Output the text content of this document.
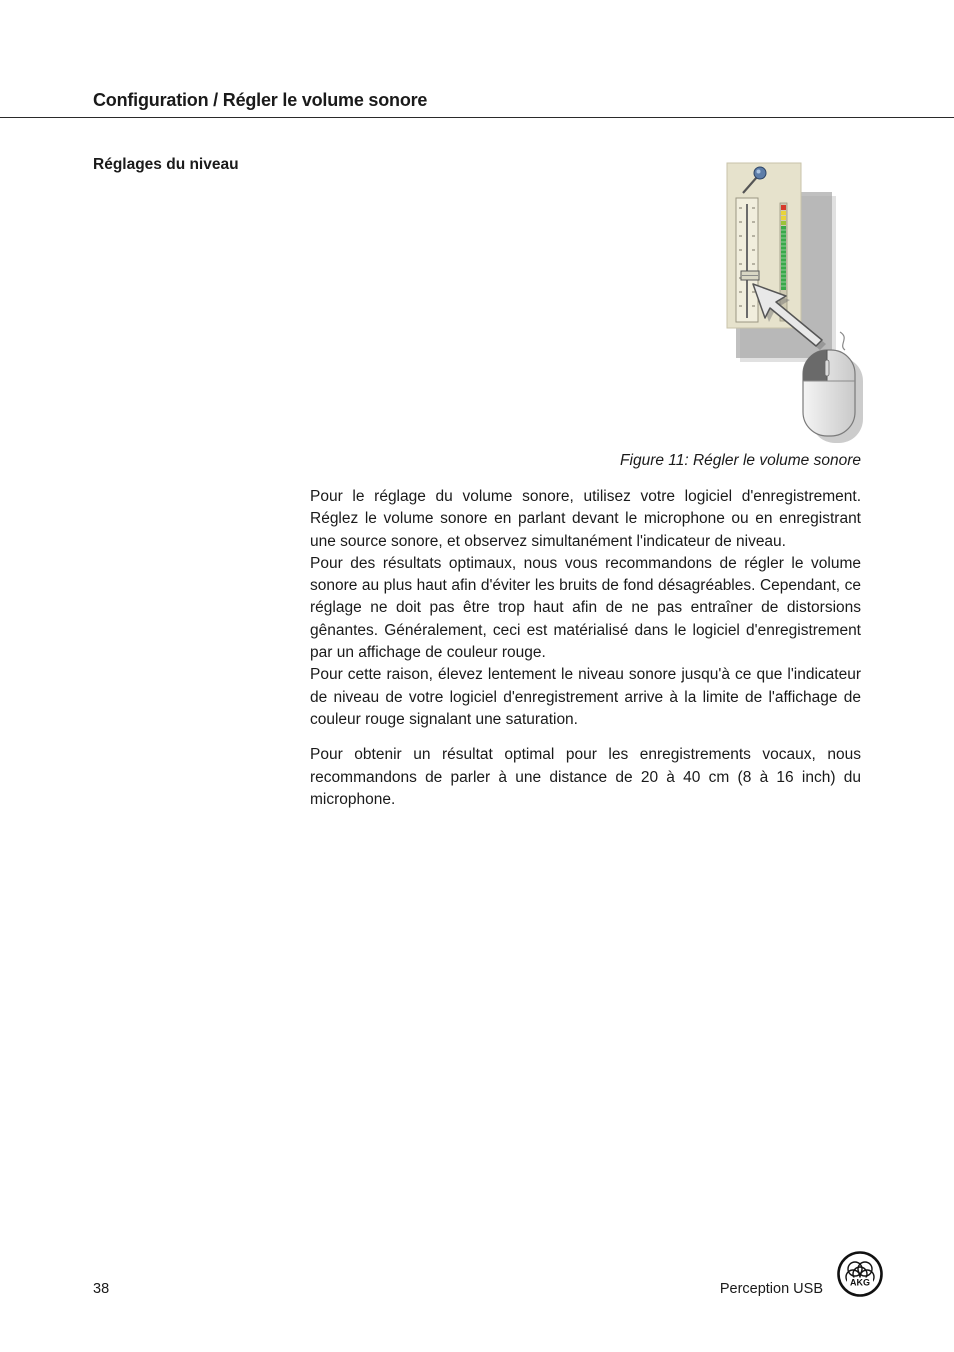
Configuration / Régler le volume sonore
Réglages du niveau

Figure 11: Régler le volume sonore

Pour le réglage du volume sonore, utilisez votre logiciel d'enregistrement. Réglez le volume sonore en parlant devant le microphone ou en enregistrant une source sonore, et observez simultanément l'indicateur de niveau.

Pour des résultats optimaux, nous vous recommandons de régler le volume sonore au plus haut afin d'éviter les bruits de fond désagréables. Cependant, ce réglage ne doit pas être trop haut afin de ne pas entraîner de distorsions gênantes. Généralement, ceci est matérialisé dans le logiciel d'enregistrement par un affichage de couleur rouge.

Pour cette raison, élevez lentement le niveau sonore jusqu'à ce que l'indicateur de niveau de votre logiciel d'enregistrement arrive à la limite de l'affichage de couleur rouge signalant une saturation.

Pour obtenir un résultat optimal pour les enregistrements vocaux, nous recommandons de parler à une distance de 20 à 40 cm (8 à 16 inch) du microphone.

38	Perception USB	AKG
